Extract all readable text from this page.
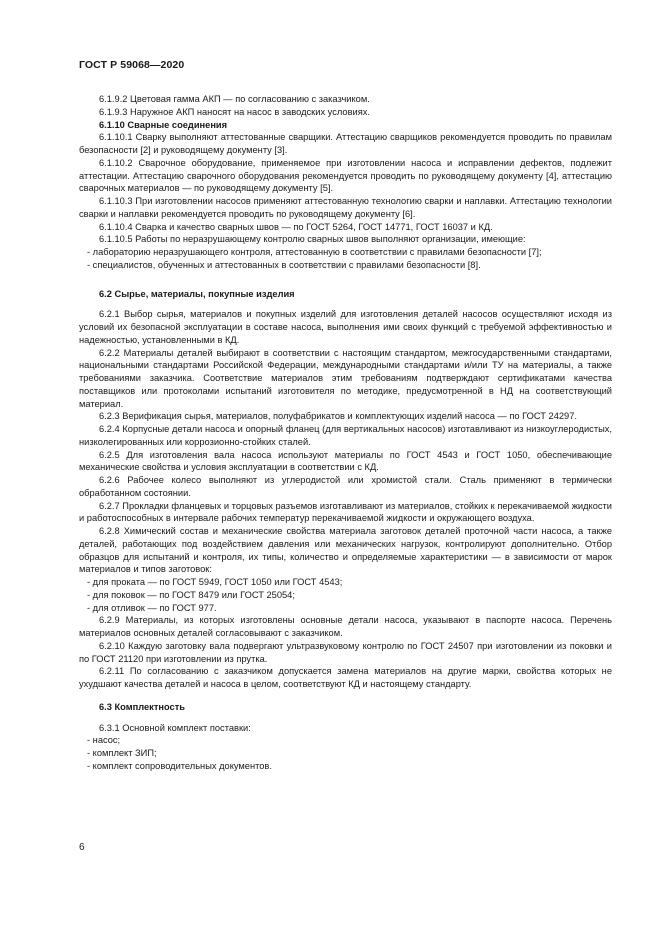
ГОСТ Р 59068—2020

6.1.9.2 Цветовая гамма АКП — по согласованию с заказчиком.

6.1.9.3 Наружное АКП наносят на насос в заводских условиях.

6.1.10 Сварные соединения

6.1.10.1 Сварку выполняют аттестованные сварщики. Аттестацию сварщиков рекомендуется проводить по правилам безопасности [2] и руководящему документу [3].

6.1.10.2 Сварочное оборудование, применяемое при изготовлении насоса и исправлении дефектов, подлежит аттестации. Аттестацию сварочного оборудования рекомендуется проводить по руководящему документу [4], аттестацию сварочных материалов — по руководящему документу [5].

6.1.10.3 При изготовлении насосов применяют аттестованную технологию сварки и наплавки. Аттестацию технологии сварки и наплавки рекомендуется проводить по руководящему документу [6].

6.1.10.4 Сварка и качество сварных швов — по ГОСТ 5264, ГОСТ 14771, ГОСТ 16037 и КД.

6.1.10.5 Работы по неразрушающему контролю сварных швов выполняют организации, имеющие:

- лабораторию неразрушающего контроля, аттестованную в соответствии с правилами безопасности [7];

- специалистов, обученных и аттестованных в соответствии с правилами безопасности [8].

6.2 Сырье, материалы, покупные изделия

6.2.1 Выбор сырья, материалов и покупных изделий для изготовления деталей насосов осуществляют исходя из условий их безопасной эксплуатации в составе насоса, выполнения ими своих функций с требуемой эффективностью и надежностью, установленными в КД.

6.2.2 Материалы деталей выбирают в соответствии с настоящим стандартом, межгосударственными стандартами, национальными стандартами Российской Федерации, международными стандартами и/или ТУ на материалы, а также требованиями заказчика. Соответствие материалов этим требованиям подтверждают сертификатами качества поставщиков или протоколами испытаний изготовителя по методике, предусмотренной в НД на соответствующий материал.

6.2.3 Верификация сырья, материалов, полуфабрикатов и комплектующих изделий насоса — по ГОСТ 24297.

6.2.4 Корпусные детали насоса и опорный фланец (для вертикальных насосов) изготавливают из низкоуглеродистых, низколегированных или коррозионно-стойких сталей.

6.2.5 Для изготовления вала насоса используют материалы по ГОСТ 4543 и ГОСТ 1050, обеспечивающие механические свойства и условия эксплуатации в соответствии с КД.

6.2.6 Рабочее колесо выполняют из углеродистой или хромистой стали. Сталь применяют в термически обработанном состоянии.

6.2.7 Прокладки фланцевых и торцовых разъемов изготавливают из материалов, стойких к перекачиваемой жидкости и работоспособных в интервале рабочих температур перекачиваемой жидкости и окружающего воздуха.

6.2.8 Химический состав и механические свойства материала заготовок деталей проточной части насоса, а также деталей, работающих под воздействием давления или механических нагрузок, контролируют дополнительно. Отбор образцов для испытаний и контроля, их типы, количество и определяемые характеристики — в зависимости от марок материалов и типов заготовок:

- для проката — по ГОСТ 5949, ГОСТ 1050 или ГОСТ 4543;

- для поковок — по ГОСТ 8479 или ГОСТ 25054;

- для отливок — по ГОСТ 977.

6.2.9 Материалы, из которых изготовлены основные детали насоса, указывают в паспорте насоса. Перечень материалов основных деталей согласовывают с заказчиком.

6.2.10 Каждую заготовку вала подвергают ультразвуковому контролю по ГОСТ 24507 при изготовлении из поковки и по ГОСТ 21120 при изготовлении из прутка.

6.2.11 По согласованию с заказчиком допускается замена материалов на другие марки, свойства которых не ухудшают качества деталей и насоса в целом, соответствуют КД и настоящему стандарту.

6.3 Комплектность

6.3.1 Основной комплект поставки:

- насос;

- комплект ЗИП;

- комплект сопроводительных документов.

6
